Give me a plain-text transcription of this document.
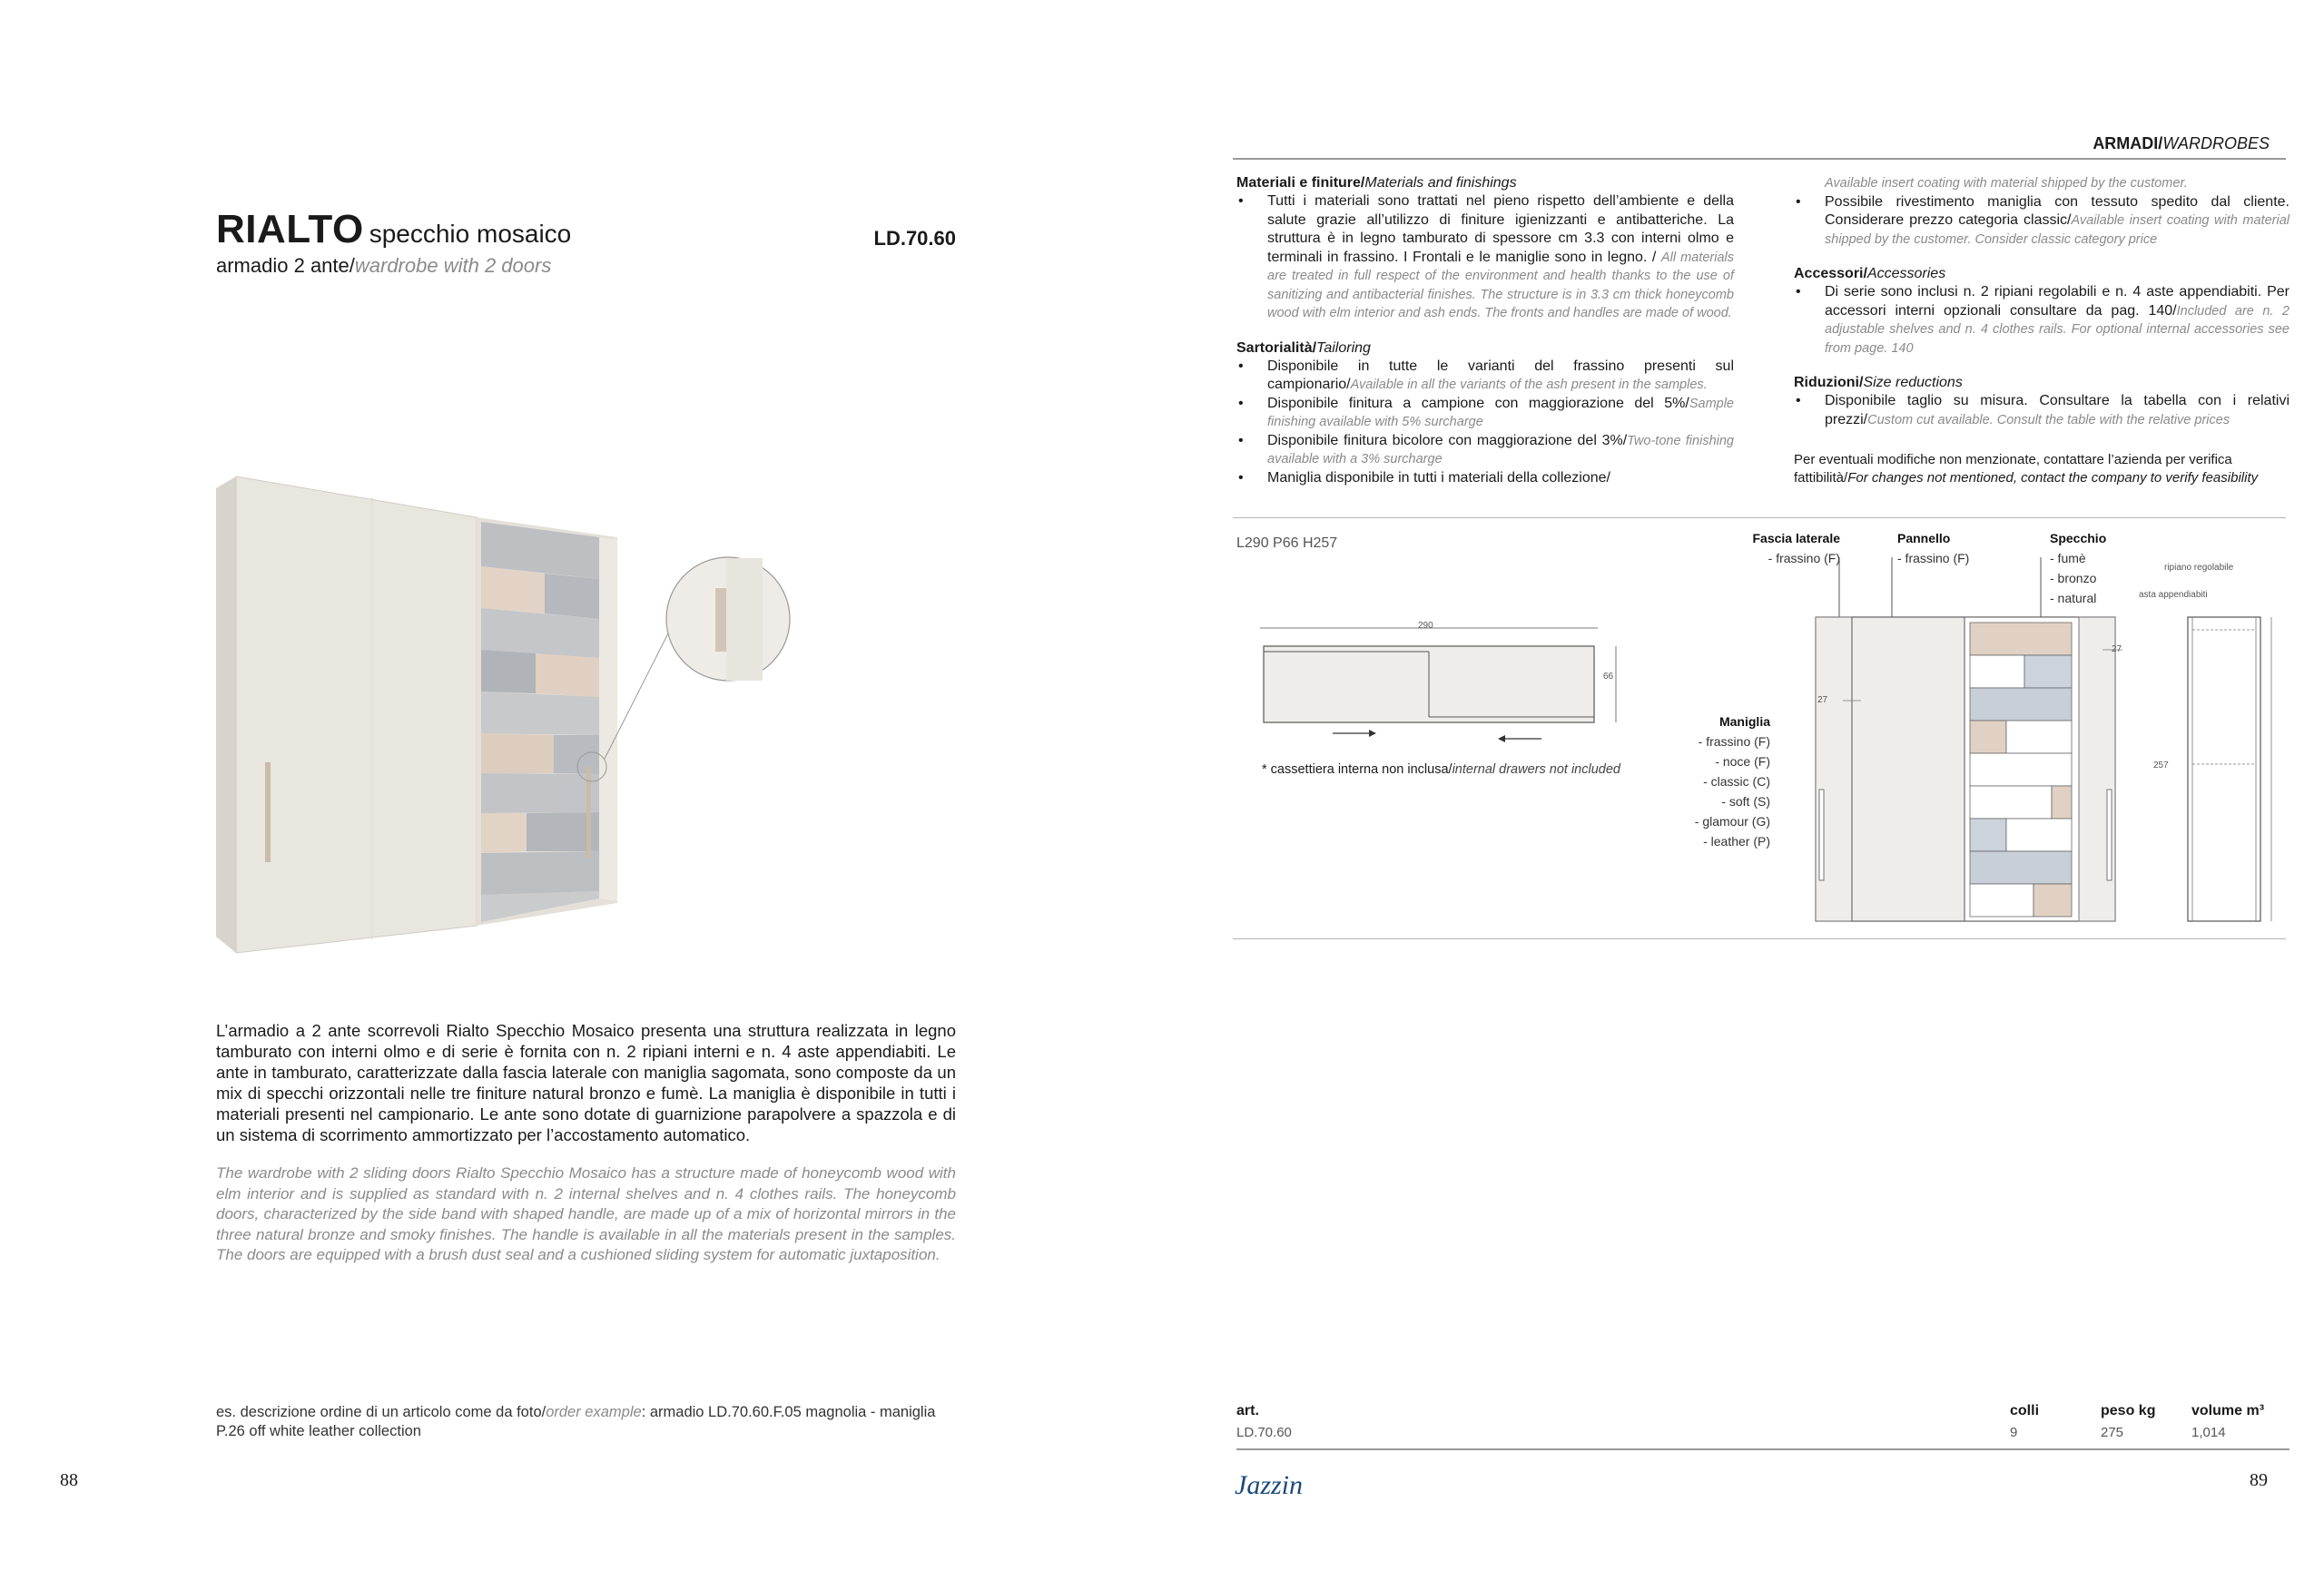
RIALTO specchio mosaico	LD.70.60
armadio 2 ante/wardrobe with 2 doors
L’armadio a 2 ante scorrevoli Rialto Specchio Mosaico presenta una struttura realizzata in legno tamburato con interni olmo e di serie è fornita con n. 2 ripiani interni e n. 4 aste appendiabiti. Le ante in tamburato, caratterizzate dalla fascia laterale con maniglia sagomata, sono composte da un mix di specchi orizzontali nelle tre finiture natural bronzo e fumè. La maniglia è disponibile in tutti i materiali presenti nel campionario. Le ante sono dotate di guarnizione parapolvere a spazzola e di un sistema di scorrimento ammortizzato per l’accostamento automatico.
The wardrobe with 2 sliding doors Rialto Specchio Mosaico has a structure made of honeycomb wood with elm interior and is supplied as standard with n. 2 internal shelves and n. 4 clothes rails. The honeycomb doors, characterized by the side band with shaped handle, are made up of a mix of horizontal mirrors in the three natural bronze and smoky finishes. The handle is available in all the materials present in the samples. The doors are equipped with a brush dust seal and a cushioned sliding system for automatic juxtaposition.
es. descrizione ordine di un articolo come da foto/order example: armadio LD.70.60.F.05 magnolia - maniglia P.26 off white leather collection
88
ARMADI/WARDROBES
Materiali e finiture/Materials and finishings
• Tutti i materiali sono trattati nel pieno rispetto dell’ambiente e della salute grazie all’utilizzo di finiture igienizzanti e antibatteriche. La struttura è in legno tamburato di spessore cm 3.3 con interni olmo e terminali in frassino. I Frontali e le maniglie sono in legno. / All materials are treated in full respect of the environment and health thanks to the use of sanitizing and antibacterial finishes. The structure is in 3.3 cm thick honeycomb wood with elm interior and ash ends. The fronts and handles are made of wood.
Sartorialità/Tailoring
• Disponibile in tutte le varianti del frassino presenti sul campionario/Available in all the variants of the ash present in the samples.
• Disponibile finitura a campione con maggiorazione del 5%/Sample finishing available with 5% surcharge
• Disponibile finitura bicolore con maggiorazione del 3%/Two-tone finishing available with a 3% surcharge
• Maniglia disponibile in tutti i materiali della collezione/
Available insert coating with material shipped by the customer.
• Possibile rivestimento maniglia con tessuto spedito dal cliente. Considerare prezzo categoria classic/Available insert coating with material shipped by the customer. Consider classic category price
Accessori/Accessories
• Di serie sono inclusi n. 2 ripiani regolabili e n. 4 aste appendiabiti. Per accessori interni opzionali consultare da pag. 140/Included are n. 2 adjustable shelves and n. 4 clothes rails. For optional internal accessories see from page. 140
Riduzioni/Size reductions
• Disponibile taglio su misura. Consultare la tabella con i relativi prezzi/Custom cut available. Consult the table with the relative prices
Per eventuali modifiche non menzionate, contattare l’azienda per verifica fattibilità/For changes not mentioned, contact the company to verify feasibility
L290 P66 H257
290
66
* cassettiera interna non inclusa/internal drawers not included
Fascia laterale
- frassino (F)
Pannello
- frassino (F)
Specchio
- fumè
- bronzo
- natural
Maniglia
- frassino (F)
- noce (F)
- classic (C)
- soft (S)
- glamour (G)
- leather (P)
27
27
257
ripiano regolabile
asta appendiabiti
art.	colli	peso kg volume m³
LD.70.60	9	275	1,014
Jazzin	89
